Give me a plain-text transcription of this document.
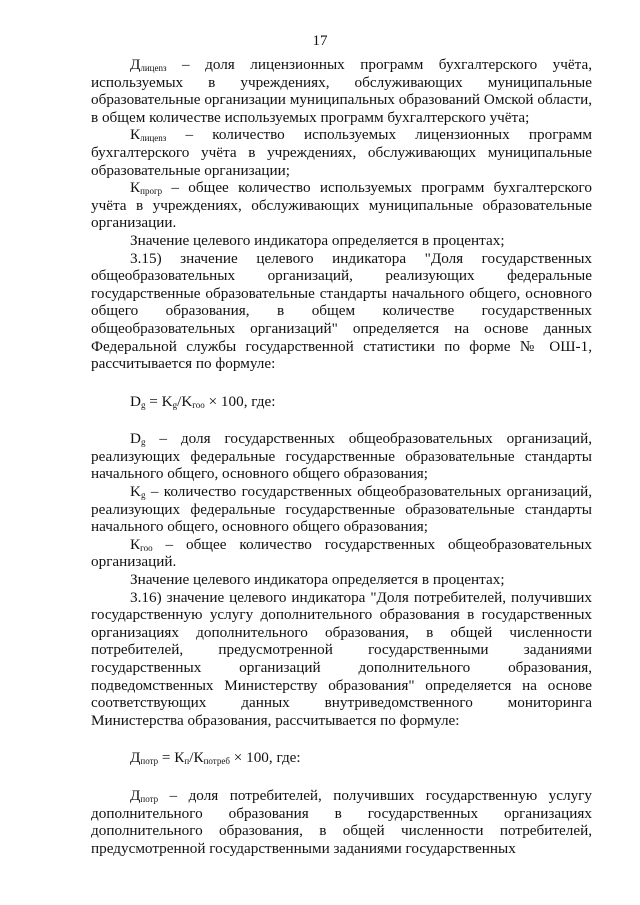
17

$Д_{лицenз}$ – доля лицензионных программ бухгалтерского учёта, используемых в учреждениях, обслуживающих муниципальные образовательные организации муниципальных образований Омской области, в общем количестве используемых программ бухгалтерского учёта;

$К_{лицenз}$ – количество используемых лицензионных программ бухгалтерского учёта в учреждениях, обслуживающих муниципальные образовательные организации;

$К_{прогр}$ – общее количество используемых программ бухгалтерского учёта в учреждениях, обслуживающих муниципальные образовательные организации.

Значение целевого индикатора определяется в процентах;

3.15) значение целевого индикатора "Доля государственных общеобразовательных организаций, реализующих федеральные государственные образовательные стандарты начального общего, основного общего образования, в общем количестве государственных общеобразовательных организаций" определяется на основе данных Федеральной службы государственной статистики по форме № ОШ-1, рассчитывается по формуле:

$D_g = K_g/K_{гоо} \times 100$, где:

$D_g$ – доля государственных общеобразовательных организаций, реализующих федеральные государственные образовательные стандарты начального общего, основного общего образования;

$K_g$ – количество государственных общеобразовательных организаций, реализующих федеральные государственные образовательные стандарты начального общего, основного общего образования;

$К_{гоо}$ – общее количество государственных общеобразовательных организаций.

Значение целевого индикатора определяется в процентах;

3.16) значение целевого индикатора "Доля потребителей, получивших государственную услугу дополнительного образования в государственных организациях дополнительного образования, в общей численности потребителей, предусмотренной государственными заданиями государственных организаций дополнительного образования, подведомственных Министерству образования" определяется на основе соответствующих данных внутриведомственного мониторинга Министерства образования, рассчитывается по формуле:

$Д_{потр} = К_п/К_{потреб} \times 100$, где:

$Д_{потр}$ – доля потребителей, получивших государственную услугу дополнительного образования в государственных организациях дополнительного образования, в общей численности потребителей, предусмотренной государственными заданиями государственных
